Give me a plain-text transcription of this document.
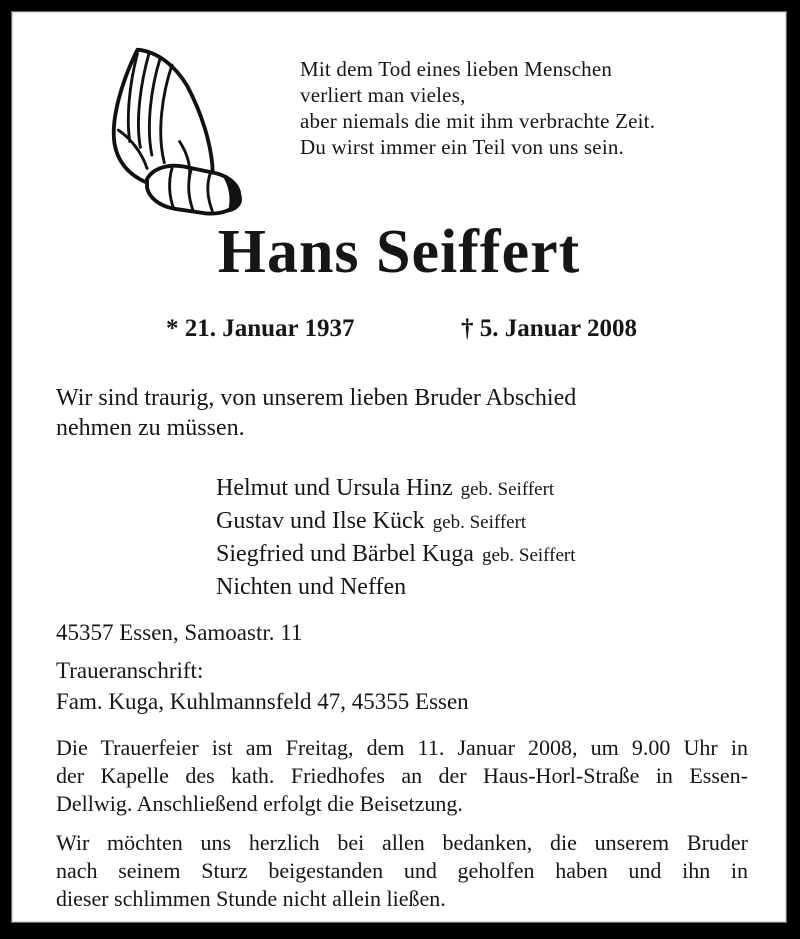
Mit dem Tod eines lieben Menschen
verliert man vieles,
aber niemals die mit ihm verbrachte Zeit.
Du wirst immer ein Teil von uns sein.
Hans Seiffert
* 21. Januar 1937	† 5. Januar 2008
Wir sind traurig, von unserem lieben Bruder Abschied
nehmen zu müssen.
Helmut und Ursula Hinz geb. Seiffert
Gustav und Ilse Kück geb. Seiffert
Siegfried und Bärbel Kuga geb. Seiffert
Nichten und Neffen
45357 Essen, Samoastr. 11
Traueranschrift:
Fam. Kuga, Kuhlmannsfeld 47, 45355 Essen
Die Trauerfeier ist am Freitag, dem 11. Januar 2008, um 9.00 Uhr in
der Kapelle des kath. Friedhofes an der Haus-Horl-Straße in Essen-
Dellwig. Anschließend erfolgt die Beisetzung.
Wir möchten uns herzlich bei allen bedanken, die unserem Bruder
nach seinem Sturz beigestanden und geholfen haben und ihn in
dieser schlimmen Stunde nicht allein ließen.
